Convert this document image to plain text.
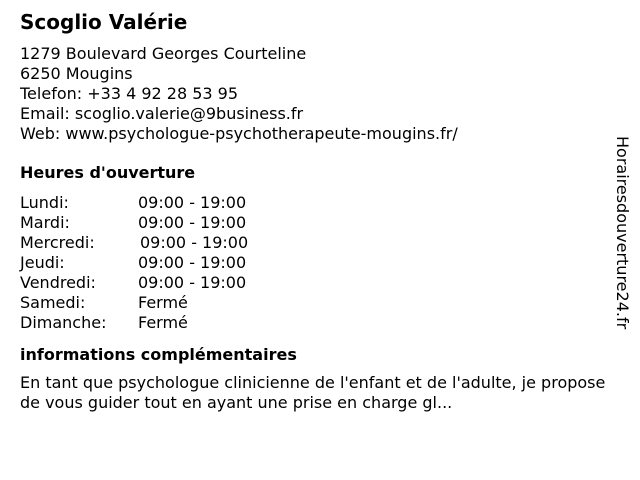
Scoglio Valérie
1279 Boulevard Georges Courteline
6250 Mougins
Telefon: +33 4 92 28 53 95
Email: scoglio.valerie@9business.fr
Web: www.psychologue-psychotherapeute-mougins.fr/
Heures d'ouverture
Lundi:	09:00 - 19:00
Mardi:	09:00 - 19:00
Mercredi:	09:00 - 19:00
Jeudi:	09:00 - 19:00
Vendredi:	09:00 - 19:00
Samedi:	Fermé
Dimanche: Fermé
informations complémentaires
En tant que psychologue clinicienne de l'enfant et de l'adulte, je propose de vous guider tout en ayant une prise en charge gl...
Horairesdouverture24.fr
